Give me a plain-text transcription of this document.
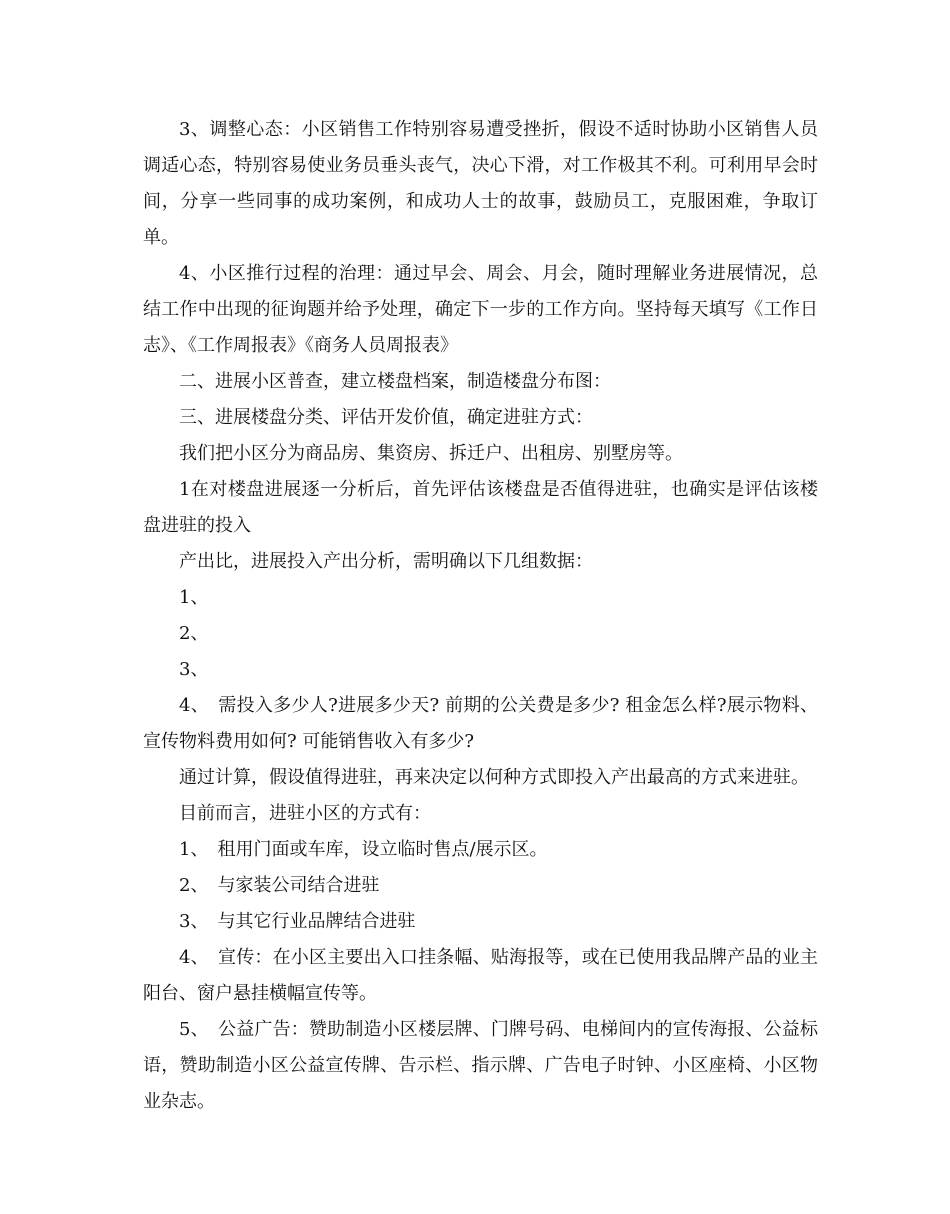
3、调整心态：小区销售工作特别容易遭受挫折，假设不适时协助小区销售人员调适心态，特别容易使业务员垂头丧气，决心下滑，对工作极其不利。可利用早会时间，分享一些同事的成功案例，和成功人士的故事，鼓励员工，克服困难，争取订单。

4、小区推行过程的治理：通过早会、周会、月会，随时理解业务进展情况，总结工作中出现的征询题并给予处理，确定下一步的工作方向。坚持每天填写《工作日志》、《工作周报表》《商务人员周报表》

二、进展小区普查，建立楼盘档案，制造楼盘分布图：

三、进展楼盘分类、评估开发价值，确定进驻方式：

我们把小区分为商品房、集资房、拆迁户、出租房、别墅房等。

1在对楼盘进展逐一分析后，首先评估该楼盘是否值得进驻，也确实是评估该楼盘进驻的投入

产出比，进展投入产出分析，需明确以下几组数据：

1、

2、

3、

4、　需投入多少人?进展多少天? 前期的公关费是多少? 租金怎么样?展示物料、宣传物料费用如何? 可能销售收入有多少?

通过计算，假设值得进驻，再来决定以何种方式即投入产出最高的方式来进驻。

目前而言，进驻小区的方式有：

1、　租用门面或车库，设立临时售点/展示区。

2、　与家装公司结合进驻

3、　与其它行业品牌结合进驻

4、　宣传：在小区主要出入口挂条幅、贴海报等，或在已使用我品牌产品的业主阳台、窗户悬挂横幅宣传等。

5、　公益广告：赞助制造小区楼层牌、门牌号码、电梯间内的宣传海报、公益标语，赞助制造小区公益宣传牌、告示栏、指示牌、广告电子时钟、小区座椅、小区物业杂志。
